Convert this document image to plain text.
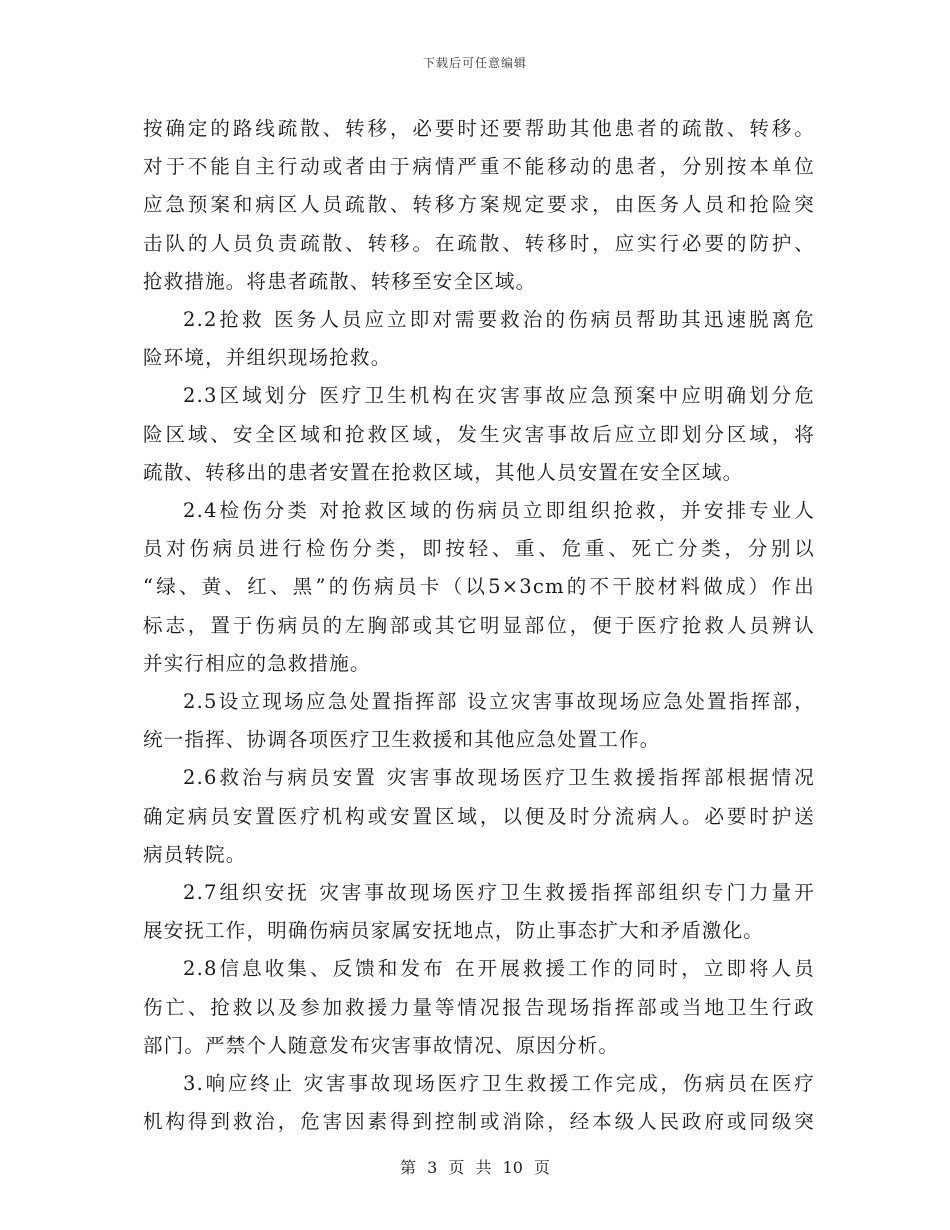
下载后可任意编辑
按确定的路线疏散、转移，必要时还要帮助其他患者的疏散、转移。
对于不能自主行动或者由于病情严重不能移动的患者，分别按本单位
应急预案和病区人员疏散、转移方案规定要求，由医务人员和抢险突
击队的人员负责疏散、转移。在疏散、转移时，应实行必要的防护、
抢救措施。将患者疏散、转移至安全区域。
2.2抢救 医务人员应立即对需要救治的伤病员帮助其迅速脱离危
险环境，并组织现场抢救。
2.3区域划分 医疗卫生机构在灾害事故应急预案中应明确划分危
险区域、安全区域和抢救区域，发生灾害事故后应立即划分区域，将
疏散、转移出的患者安置在抢救区域，其他人员安置在安全区域。
2.4检伤分类 对抢救区域的伤病员立即组织抢救，并安排专业人
员对伤病员进行检伤分类，即按轻、重、危重、死亡分类，分别以
“绿、黄、红、黑”的伤病员卡（以5×3cm的不干胶材料做成）作出
标志，置于伤病员的左胸部或其它明显部位，便于医疗抢救人员辨认
并实行相应的急救措施。
2.5设立现场应急处置指挥部 设立灾害事故现场应急处置指挥部，
统一指挥、协调各项医疗卫生救援和其他应急处置工作。
2.6救治与病员安置 灾害事故现场医疗卫生救援指挥部根据情况
确定病员安置医疗机构或安置区域，以便及时分流病人。必要时护送
病员转院。
2.7组织安抚 灾害事故现场医疗卫生救援指挥部组织专门力量开
展安抚工作，明确伤病员家属安抚地点，防止事态扩大和矛盾激化。
2.8信息收集、反馈和发布 在开展救援工作的同时，立即将人员
伤亡、抢救以及参加救援力量等情况报告现场指挥部或当地卫生行政
部门。严禁个人随意发布灾害事故情况、原因分析。
3.响应终止 灾害事故现场医疗卫生救援工作完成，伤病员在医疗
机构得到救治，危害因素得到控制或消除，经本级人民政府或同级突
第 3 页 共 10 页
